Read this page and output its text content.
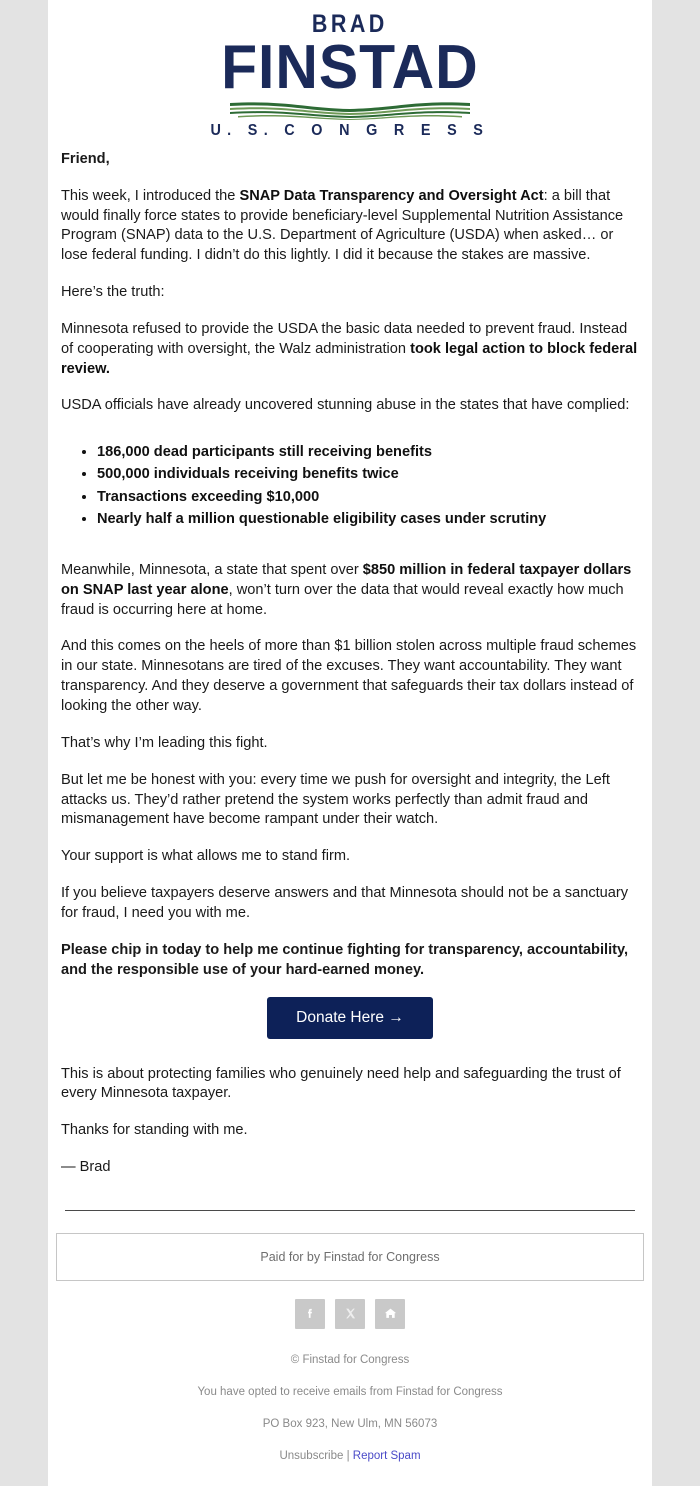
BRAD
FINSTAD
U. S. C O N G R E S S

Friend,

This week, I introduced the SNAP Data Transparency and Oversight Act: a bill that would finally force states to provide beneficiary-level Supplemental Nutrition Assistance Program (SNAP) data to the U.S. Department of Agriculture (USDA) when asked… or lose federal funding. I didn’t do this lightly. I did it because the stakes are massive.

Here’s the truth:

Minnesota refused to provide the USDA the basic data needed to prevent fraud. Instead of cooperating with oversight, the Walz administration took legal action to block federal review.

USDA officials have already uncovered stunning abuse in the states that have complied:

• 186,000 dead participants still receiving benefits
• 500,000 individuals receiving benefits twice
• Transactions exceeding $10,000
• Nearly half a million questionable eligibility cases under scrutiny

Meanwhile, Minnesota, a state that spent over $850 million in federal taxpayer dollars on SNAP last year alone, won’t turn over the data that would reveal exactly how much fraud is occurring here at home.

And this comes on the heels of more than $1 billion stolen across multiple fraud schemes in our state. Minnesotans are tired of the excuses. They want accountability. They want transparency. And they deserve a government that safeguards their tax dollars instead of looking the other way.

That’s why I’m leading this fight.

But let me be honest with you: every time we push for oversight and integrity, the Left attacks us. They’d rather pretend the system works perfectly than admit fraud and mismanagement have become rampant under their watch.

Your support is what allows me to stand firm.

If you believe taxpayers deserve answers and that Minnesota should not be a sanctuary for fraud, I need you with me.

Please chip in today to help me continue fighting for transparency, accountability, and the responsible use of your hard-earned money.

Donate Here →

This is about protecting families who genuinely need help and safeguarding the trust of every Minnesota taxpayer.

Thanks for standing with me.

— Brad

Paid for by Finstad for Congress

© Finstad for Congress
You have opted to receive emails from Finstad for Congress
PO Box 923, New Ulm, MN 56073
Unsubscribe | Report Spam
